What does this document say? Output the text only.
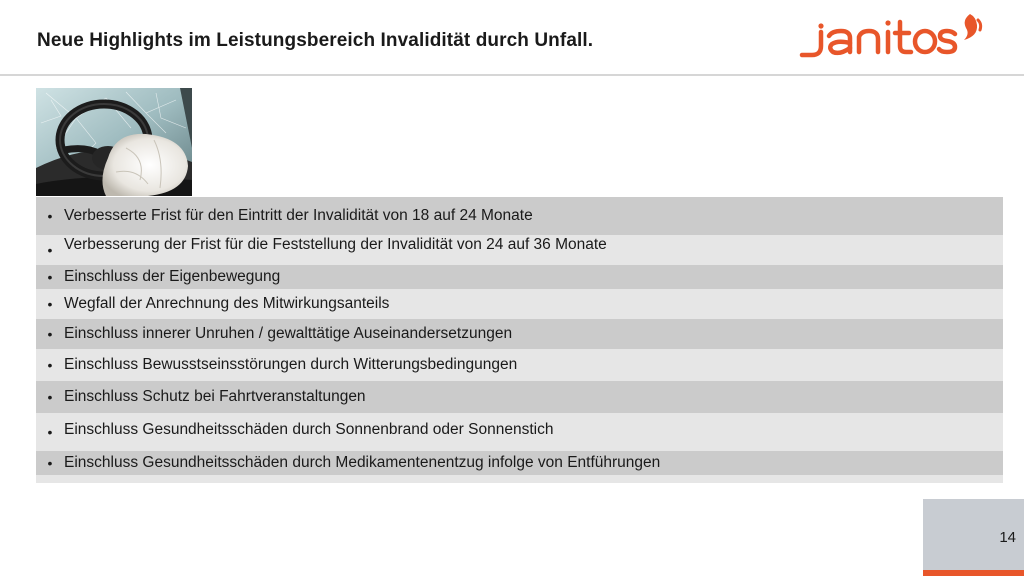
Neue Highlights im Leistungsbereich Invalidität durch Unfall.
• Verbesserte Frist für den Eintritt der Invalidität von 18 auf 24 Monate
• Verbesserung der Frist für die Feststellung der Invalidität von 24 auf 36 Monate
• Einschluss der Eigenbewegung
• Wegfall der Anrechnung des Mitwirkungsanteils
• Einschluss innerer Unruhen / gewalttätige Auseinandersetzungen
• Einschluss Bewusstseinsstörungen durch Witterungsbedingungen
• Einschluss Schutz bei Fahrtveranstaltungen
• Einschluss Gesundheitsschäden durch Sonnenbrand oder Sonnenstich
• Einschluss Gesundheitsschäden durch Medikamentenentzug infolge von Entführungen
14
